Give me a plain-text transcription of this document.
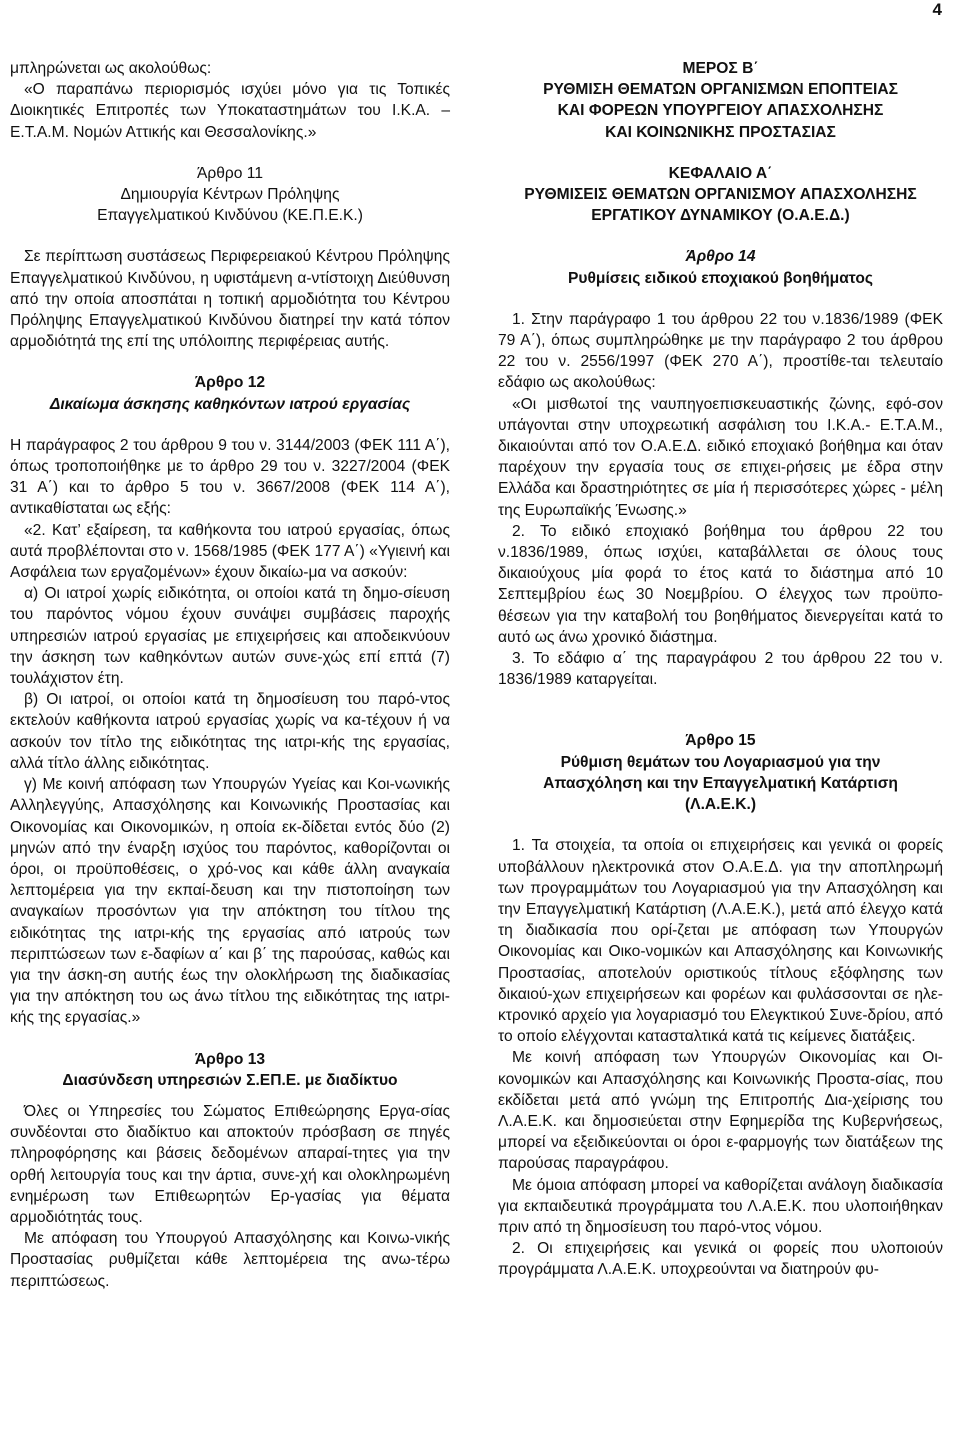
4

μπληρώνεται ως ακολούθως:

«Ο παραπάνω περιορισμός ισχύει μόνο για τις Τοπικές Διοικητικές Επιτροπές των Υποκαταστημάτων του Ι.Κ.Α. – Ε.Τ.Α.Μ. Νομών Αττικής και Θεσσαλονίκης.»

Άρθρο 11

Δημιουργία Κέντρων Πρόληψης Επαγγελματικού Κινδύνου (ΚΕ.Π.Ε.Κ.)

Σε περίπτωση συστάσεως Περιφερειακού Κέντρου Πρόληψης Επαγγελματικού Κινδύνου, η υφιστάμενη α-ντίστοιχη Διεύθυνση από την οποία αποσπάται η τοπική αρμοδιότητα του Κέντρου Πρόληψης Επαγγελματικού Κινδύνου διατηρεί την κατά τόπον αρμοδιότητά της επί της υπόλοιπης περιφέρειας αυτής.

Άρθρο 12

Δικαίωμα άσκησης καθηκόντων ιατρού εργασίας

Η παράγραφος 2 του άρθρου 9 του ν. 3144/2003 (ΦΕΚ 111 Α΄), όπως τροποποιήθηκε με το άρθρο 29 του ν. 3227/2004 (ΦΕΚ 31 Α΄) και το άρθρο 5 του ν. 3667/2008 (ΦΕΚ 114 Α΄), αντικαθίσταται ως εξής:

«2. Κατ’ εξαίρεση, τα καθήκοντα του ιατρού εργασίας, όπως αυτά προβλέπονται στο ν. 1568/1985 (ΦΕΚ 177 Α΄) «Υγιεινή και Ασφάλεια των εργαζομένων» έχουν δικαίω-μα να ασκούν:

α) Οι ιατροί χωρίς ειδικότητα, οι οποίοι κατά τη δημο-σίευση του παρόντος νόμου έχουν συνάψει συμβάσεις παροχής υπηρεσιών ιατρού εργασίας με επιχειρήσεις και αποδεικνύουν την άσκηση των καθηκόντων αυτών συνε-χώς επί επτά (7) τουλάχιστον έτη.

β) Οι ιατροί, οι οποίοι κατά τη δημοσίευση του παρό-ντος εκτελούν καθήκοντα ιατρού εργασίας χωρίς να κα-τέχουν ή να ασκούν τον τίτλο της ειδικότητας της ιατρι-κής της εργασίας, αλλά τίτλο άλλης ειδικότητας.

γ) Με κοινή απόφαση των Υπουργών Υγείας και Κοι-νωνικής Αλληλεγγύης, Απασχόλησης και Κοινωνικής Προστασίας και Οικονομίας και Οικονομικών, η οποία εκ-δίδεται εντός δύο (2) μηνών από την έναρξη ισχύος του παρόντος, καθορίζονται οι όροι, οι προϋποθέσεις, ο χρό-νος και κάθε άλλη αναγκαία λεπτομέρεια για την εκπαί-δευση και την πιστοποίηση των αναγκαίων προσόντων για την απόκτηση του τίτλου της ειδικότητας της ιατρι-κής της εργασίας από ιατρούς των περιπτώσεων των ε-δαφίων α΄ και β΄ της παρούσας, καθώς και για την άσκη-ση αυτής έως την ολοκλήρωση της διαδικασίας για την απόκτηση του ως άνω τίτλου της ειδικότητας της ιατρι-κής της εργασίας.»

Άρθρο 13

Διασύνδεση υπηρεσιών Σ.ΕΠ.Ε. με διαδίκτυο

Όλες οι Υπηρεσίες του Σώματος Επιθεώρησης Εργα-σίας συνδέονται στο διαδίκτυο και αποκτούν πρόσβαση σε πηγές πληροφόρησης και βάσεις δεδομένων απαραί-τητες για την ορθή λειτουργία τους και την άρτια, συνε-χή και ολοκληρωμένη ενημέρωση των Επιθεωρητών Ερ-γασίας για θέματα αρμοδιότητάς τους.

Με απόφαση του Υπουργού Απασχόλησης και Κοινω-νικής Προστασίας ρυθμίζεται κάθε λεπτομέρεια της ανω-τέρω περιπτώσεως.

ΜΕΡΟΣ Β΄

ΡΥΘΜΙΣΗ ΘΕΜΑΤΩΝ ΟΡΓΑΝΙΣΜΩΝ ΕΠΟΠΤΕΙΑΣ

ΚΑΙ ΦΟΡΕΩΝ ΥΠΟΥΡΓΕΙΟΥ ΑΠΑΣΧΟΛΗΣΗΣ

ΚΑΙ ΚΟΙΝΩΝΙΚΗΣ ΠΡΟΣΤΑΣΙΑΣ

ΚΕΦΑΛΑΙΟ Α΄

ΡΥΘΜΙΣΕΙΣ ΘΕΜΑΤΩΝ ΟΡΓΑΝΙΣΜΟΥ ΑΠΑΣΧΟΛΗΣΗΣ

ΕΡΓΑΤΙΚΟΥ ΔΥΝΑΜΙΚΟΥ (Ο.Α.Ε.Δ.)

Άρθρο 14

Ρυθμίσεις ειδικού εποχιακού βοηθήματος

1. Στην παράγραφο 1 του άρθρου 22 του ν.1836/1989 (ΦΕΚ 79 Α΄), όπως συμπληρώθηκε με την παράγραφο 2 του άρθρου 22 του ν. 2556/1997 (ΦΕΚ 270 Α΄), προστίθε-ται τελευταίο εδάφιο ως ακολούθως:

«Οι μισθωτοί της ναυπηγοεπισκευαστικής ζώνης, εφό-σον υπάγονται στην υποχρεωτική ασφάλιση του Ι.Κ.Α.- Ε.Τ.Α.Μ., δικαιούνται από τον Ο.Α.Ε.Δ. ειδικό εποχιακό βοήθημα και όταν παρέχουν την εργασία τους σε επιχει-ρήσεις με έδρα στην Ελλάδα και δραστηριότητες σε μία ή περισσότερες χώρες - μέλη της Ευρωπαϊκής Ένωσης.»

2. Το ειδικό εποχιακό βοήθημα του άρθρου 22 του ν.1836/1989, όπως ισχύει, καταβάλλεται σε όλους τους δικαιούχους μία φορά το έτος κατά το διάστημα από 10 Σεπτεμβρίου έως 30 Νοεμβρίου. Ο έλεγχος των προϋπο-θέσεων για την καταβολή του βοηθήματος διενεργείται κατά το αυτό ως άνω χρονικό διάστημα.

3. Το εδάφιο α΄ της παραγράφου 2 του άρθρου 22 του ν. 1836/1989 καταργείται.

Άρθρο 15

Ρύθμιση θεμάτων του Λογαριασμού για την Απασχόληση και την Επαγγελματική Κατάρτιση (Λ.Α.Ε.Κ.)

1. Τα στοιχεία, τα οποία οι επιχειρήσεις και γενικά οι φορείς υποβάλλουν ηλεκτρονικά στον Ο.Α.Ε.Δ. για την αποπληρωμή των προγραμμάτων του Λογαριασμού για την Απασχόληση και την Επαγγελματική Κατάρτιση (Λ.Α.Ε.Κ.), μετά από έλεγχο κατά τη διαδικασία που ορί-ζεται με απόφαση των Υπουργών Οικονομίας και Οικο-νομικών και Απασχόλησης και Κοινωνικής Προστασίας, αποτελούν οριστικούς τίτλους εξόφλησης των δικαιού-χων επιχειρήσεων και φορέων και φυλάσσονται σε ηλε-κτρονικό αρχείο για λογαριασμό του Ελεγκτικού Συνε-δρίου, από το οποίο ελέγχονται κατασταλτικά κατά τις κείμενες διατάξεις.

Με κοινή απόφαση των Υπουργών Οικονομίας και Οι-κονομικών και Απασχόλησης και Κοινωνικής Προστα-σίας, που εκδίδεται μετά από γνώμη της Επιτροπής Δια-χείρισης του Λ.Α.Ε.Κ. και δημοσιεύεται στην Εφημερίδα της Κυβερνήσεως, μπορεί να εξειδικεύονται οι όροι ε-φαρμογής των διατάξεων της παρούσας παραγράφου.

Με όμοια απόφαση μπορεί να καθορίζεται ανάλογη διαδικασία για εκπαιδευτικά προγράμματα του Λ.Α.Ε.Κ. που υλοποιήθηκαν πριν από τη δημοσίευση του παρό-ντος νόμου.

2. Οι επιχειρήσεις και γενικά οι φορείς που υλοποιούν προγράμματα Λ.Α.Ε.Κ. υποχρεούνται να διατηρούν φυ-
